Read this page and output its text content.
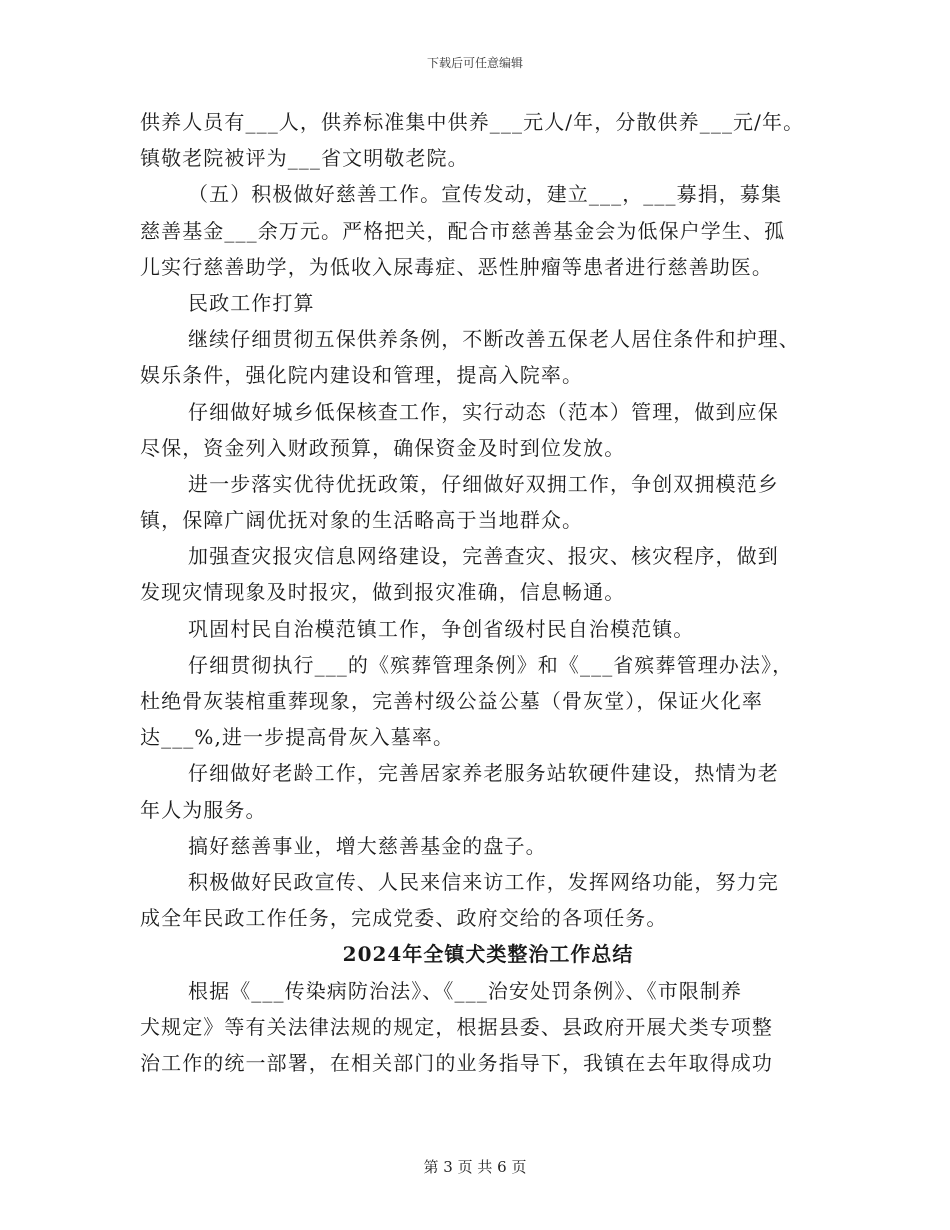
下载后可任意编辑
供养人员有___人，供养标准集中供养___元人/年，分散供养___元/年。
镇敬老院被评为___省文明敬老院。
（五）积极做好慈善工作。宣传发动，建立___，___募捐，募集
慈善基金___余万元。严格把关，配合市慈善基金会为低保户学生、孤
儿实行慈善助学，为低收入尿毒症、恶性肿瘤等患者进行慈善助医。
民政工作打算
继续仔细贯彻五保供养条例，不断改善五保老人居住条件和护理、
娱乐条件，强化院内建设和管理，提高入院率。
仔细做好城乡低保核查工作，实行动态（范本）管理，做到应保
尽保，资金列入财政预算，确保资金及时到位发放。
进一步落实优待优抚政策，仔细做好双拥工作，争创双拥模范乡
镇，保障广阔优抚对象的生活略高于当地群众。
加强查灾报灾信息网络建设，完善查灾、报灾、核灾程序，做到
发现灾情现象及时报灾，做到报灾准确，信息畅通。
巩固村民自治模范镇工作，争创省级村民自治模范镇。
仔细贯彻执行___的《殡葬管理条例》和《___省殡葬管理办法》，
杜绝骨灰装棺重葬现象，完善村级公益公墓（骨灰堂），保证火化率
达___%,进一步提高骨灰入墓率。
仔细做好老龄工作，完善居家养老服务站软硬件建设，热情为老
年人为服务。
搞好慈善事业，增大慈善基金的盘子。
积极做好民政宣传、人民来信来访工作，发挥网络功能，努力完
成全年民政工作任务，完成党委、政府交给的各项任务。
2024年全镇犬类整治工作总结
根据《___传染病防治法》、《___治安处罚条例》、《市限制养
犬规定》等有关法律法规的规定，根据县委、县政府开展犬类专项整
治工作的统一部署，在相关部门的业务指导下，我镇在去年取得成功
第 3 页 共 6 页
